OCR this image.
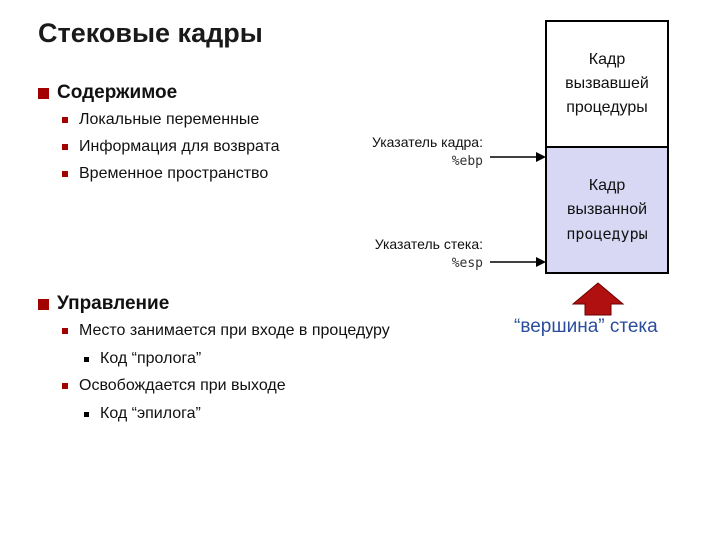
Стековые кадры
Содержимое
Локальные переменные
Информация для возврата
Временное пространство
Управление
Место занимается при входе в процедуру
Код “пролога”
Освобождается при выходе
Код “эпилога”
Кадр
вызвавшей
процедуры
Кадр
вызванной
процедуры
Указатель кадра:
%ebp
Указатель стека:
%esp
“вершина” стека
